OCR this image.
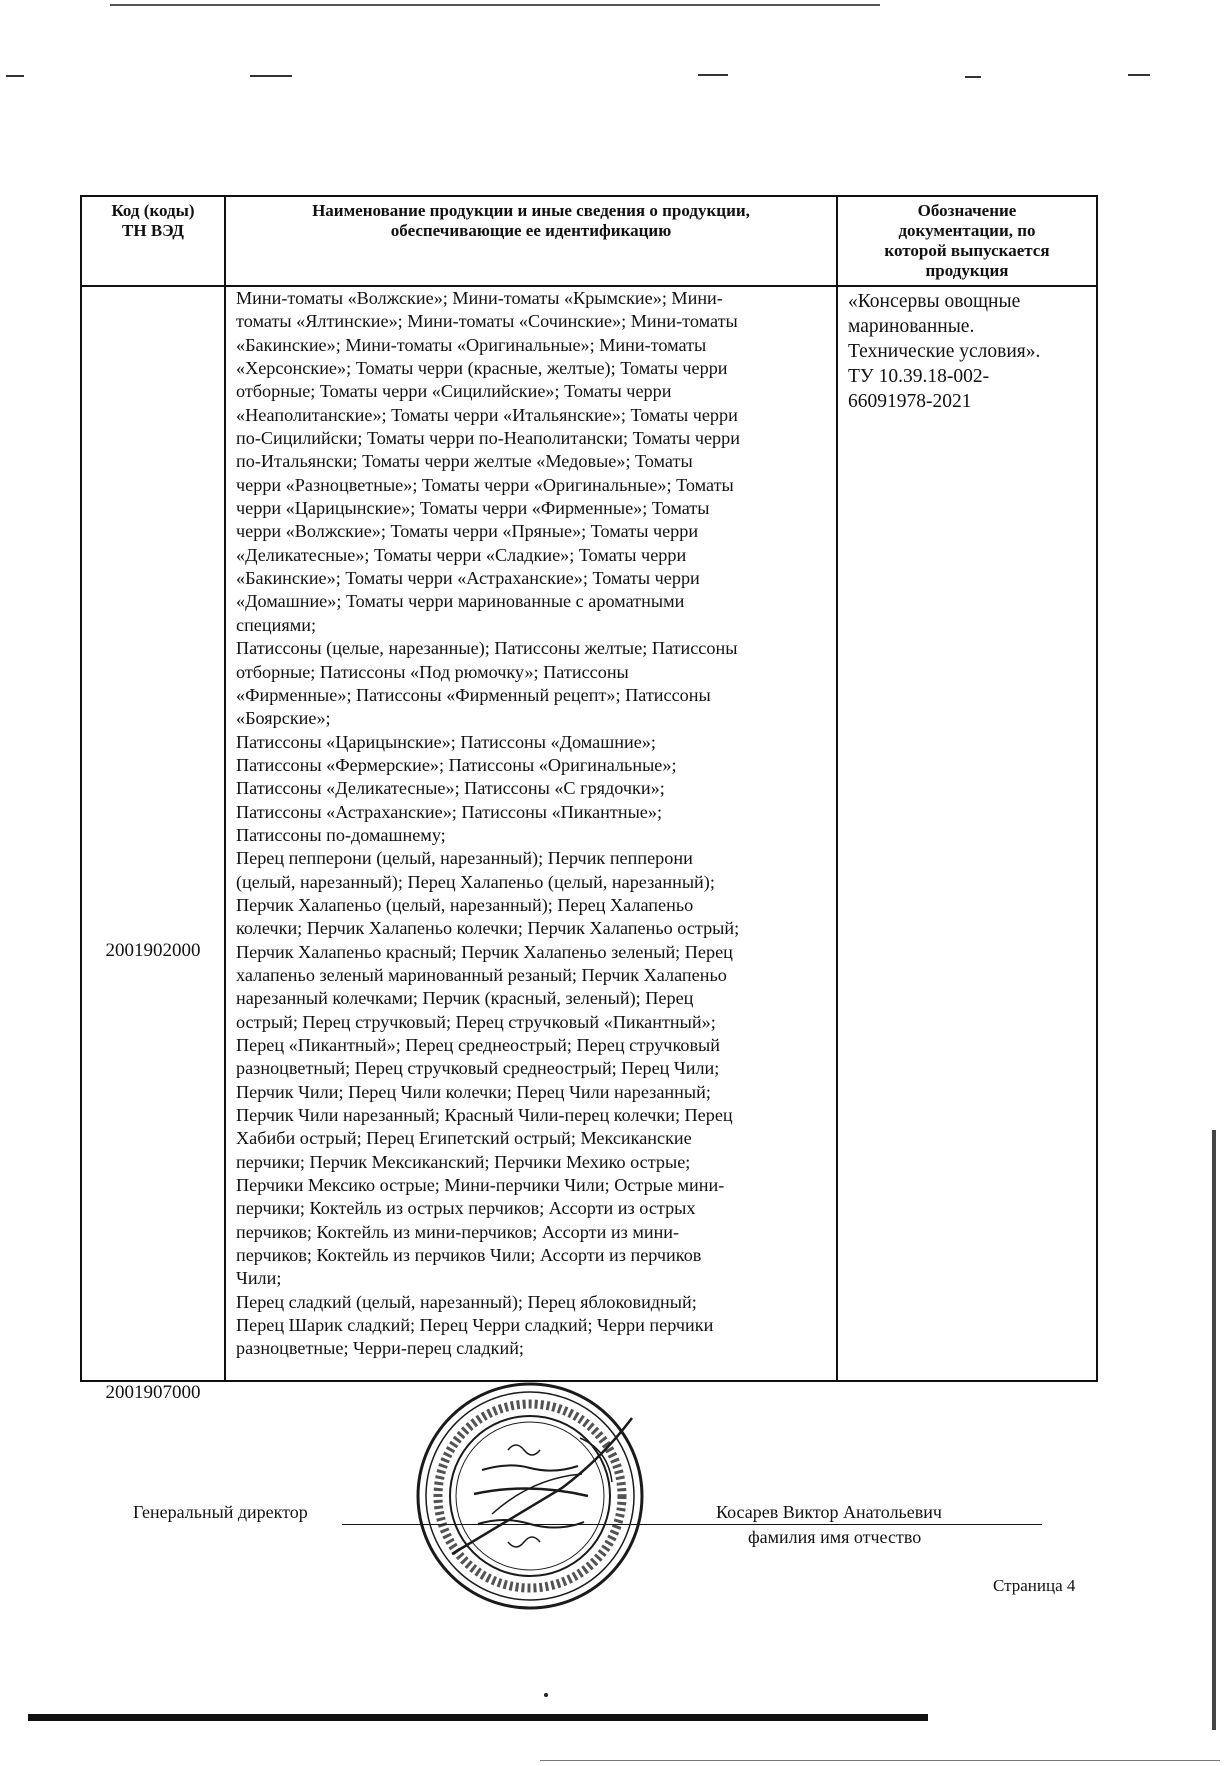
Код (коды)
ТН ВЭД
Наименование продукции и иные сведения о продукции,
обеспечивающие ее идентификацию
Обозначение
документации, по
которой выпускается
продукция
2001902000
2001907000
Мини-томаты «Волжские»; Мини-томаты «Крымские»; Мини-
томаты «Ялтинские»; Мини-томаты «Сочинские»; Мини-томаты
«Бакинские»; Мини-томаты «Оригинальные»; Мини-томаты
«Херсонские»; Томаты черри (красные, желтые); Томаты черри
отборные; Томаты черри «Сицилийские»; Томаты черри
«Неаполитанские»; Томаты черри «Итальянские»; Томаты черри
по-Сицилийски; Томаты черри по-Неаполитански; Томаты черри
по-Итальянски; Томаты черри желтые «Медовые»; Томаты
черри «Разноцветные»; Томаты черри «Оригинальные»; Томаты
черри «Царицынские»; Томаты черри «Фирменные»; Томаты
черри «Волжские»; Томаты черри «Пряные»; Томаты черри
«Деликатесные»; Томаты черри «Сладкие»; Томаты черри
«Бакинские»; Томаты черри «Астраханские»; Томаты черри
«Домашние»; Томаты черри маринованные с ароматными
специями;
Патиссоны (целые, нарезанные); Патиссоны желтые; Патиссоны
отборные; Патиссоны «Под рюмочку»; Патиссоны
«Фирменные»; Патиссоны «Фирменный рецепт»; Патиссоны
«Боярские»;
Патиссоны «Царицынские»; Патиссоны «Домашние»;
Патиссоны «Фермерские»; Патиссоны «Оригинальные»;
Патиссоны «Деликатесные»; Патиссоны «С грядочки»;
Патиссоны «Астраханские»; Патиссоны «Пикантные»;
Патиссоны по-домашнему;
Перец пепперони (целый, нарезанный); Перчик пепперони
(целый, нарезанный); Перец Халапеньо (целый, нарезанный);
Перчик Халапеньо (целый, нарезанный); Перец Халапеньо
колечки; Перчик Халапеньо колечки; Перчик Халапеньо острый;
Перчик Халапеньо красный; Перчик Халапеньо зеленый; Перец
халапеньо зеленый маринованный резаный; Перчик Халапеньо
нарезанный колечками; Перчик (красный, зеленый); Перец
острый; Перец стручковый; Перец стручковый «Пикантный»;
Перец «Пикантный»; Перец среднеострый; Перец стручковый
разноцветный; Перец стручковый среднеострый; Перец Чили;
Перчик Чили; Перец Чили колечки; Перец Чили нарезанный;
Перчик Чили нарезанный; Красный Чили-перец колечки; Перец
Хабиби острый; Перец Египетский острый; Мексиканские
перчики; Перчик Мексиканский; Перчики Мехико острые;
Перчики Мексико острые; Мини-перчики Чили; Острые мини-
перчики; Коктейль из острых перчиков; Ассорти из острых
перчиков; Коктейль из мини-перчиков; Ассорти из мини-
перчиков; Коктейль из перчиков Чили; Ассорти из перчиков
Чили;
Перец сладкий (целый, нарезанный); Перец яблоковидный;
Перец Шарик сладкий; Перец Черри сладкий; Черри перчики
разноцветные; Черри-перец сладкий;
«Консервы овощные
маринованные.
Технические условия».
ТУ 10.39.18-002-
66091978-2021
Генеральный директор	Косарев Виктор Анатольевич
фамилия имя отчество
Страница 4
